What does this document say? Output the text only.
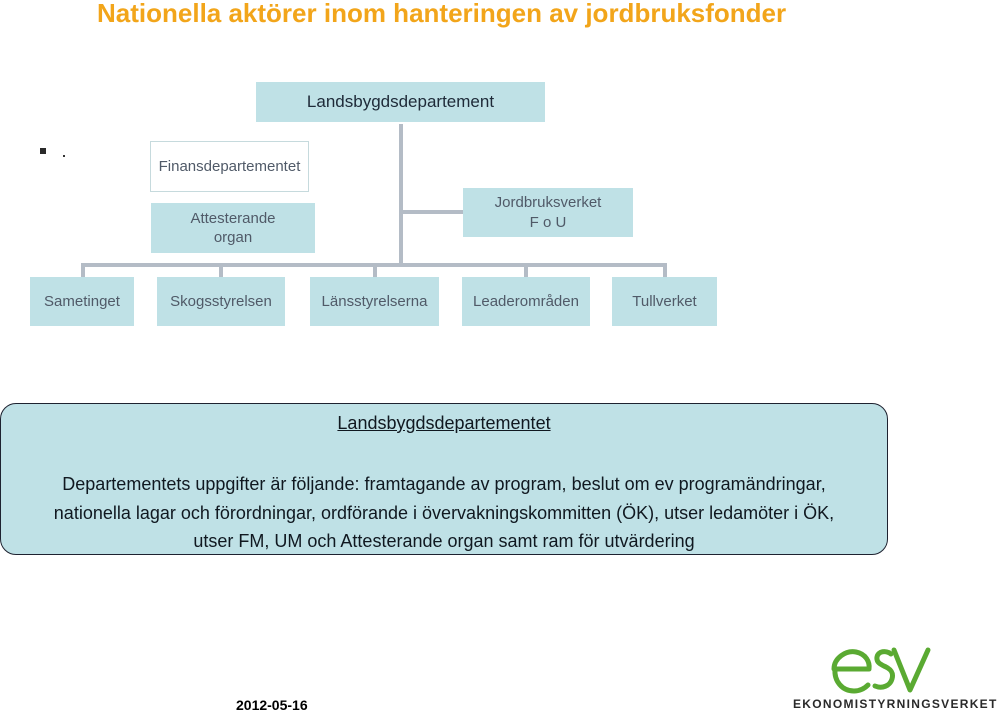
Nationella aktörer inom hanteringen av jordbruksfonder
Landsbygdsdepartement
Finansdepartementet
Attesterande
organ
Jordbruksverket
F o U
Sametinget	Skogsstyrelsen	Länsstyrelserna	Leaderområden	Tullverket
Landsbygdsdepartementet
Departementets uppgifter är följande: framtagande av program, beslut om ev programändringar,
nationella lagar och förordningar, ordförande i övervakningskommitten (ÖK), utser ledamöter i ÖK,
utser FM, UM och Attesterande organ samt ram för utvärdering
2012-05-16	EKONOMISTYRNINGSVERKET
